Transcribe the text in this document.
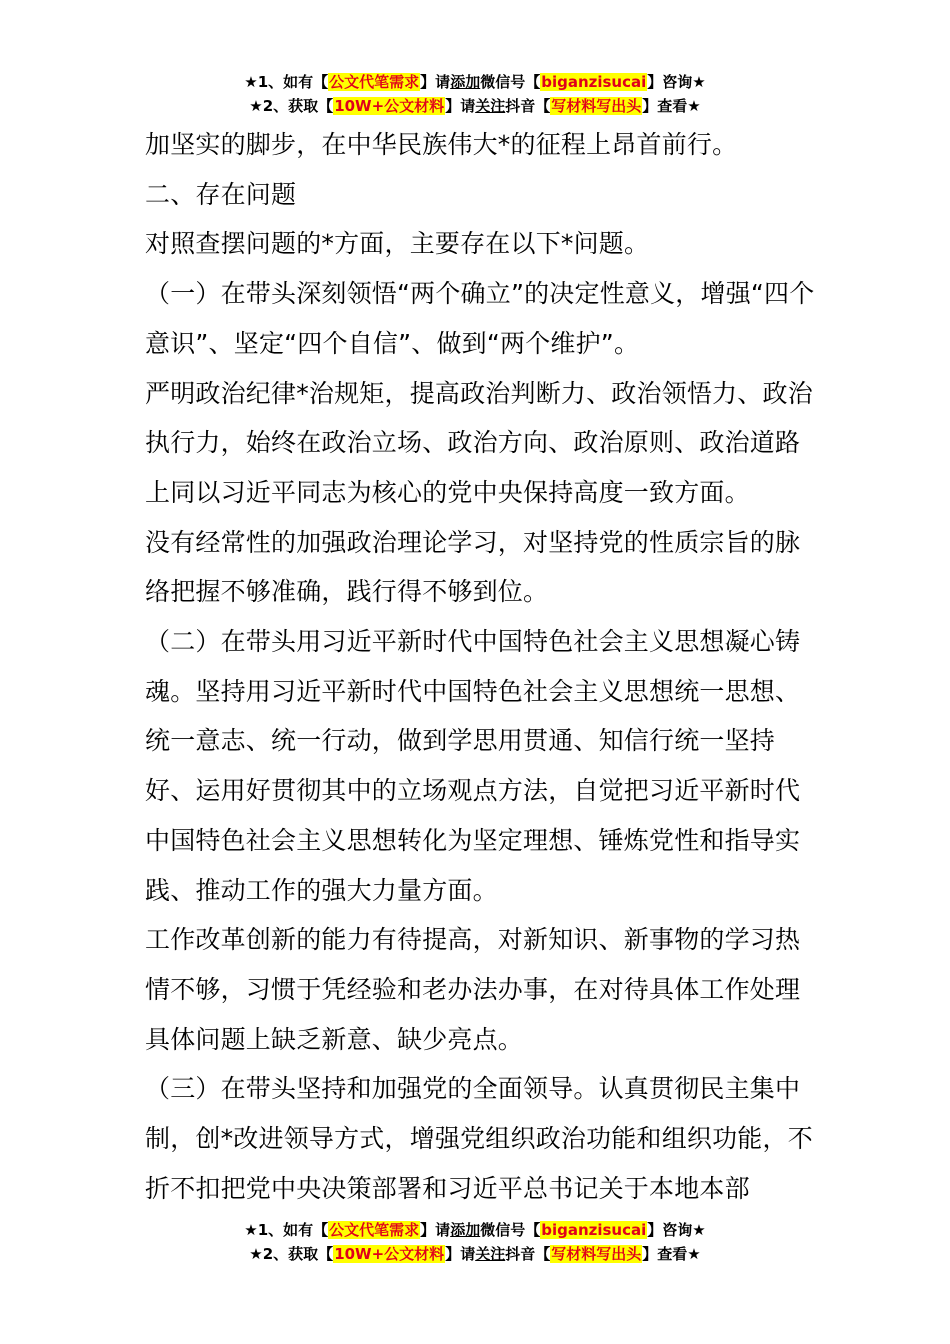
★1、如有【公文代笔需求】请添加微信号【biganzisucai】咨询★
★2、获取【10W+公文材料】请关注抖音【写材料写出头】查看★

加坚实的脚步，在中华民族伟大*的征程上昂首前行。

二、存在问题

对照查摆问题的*方面，主要存在以下*问题。

（一）在带头深刻领悟“两个确立”的决定性意义，增强“四个意识”、坚定“四个自信”、做到“两个维护”。

严明政治纪律*治规矩，提高政治判断力、政治领悟力、政治执行力，始终在政治立场、政治方向、政治原则、政治道路上同以习近平同志为核心的党中央保持高度一致方面。

没有经常性的加强政治理论学习，对坚持党的性质宗旨的脉络把握不够准确，践行得不够到位。

（二）在带头用习近平新时代中国特色社会主义思想凝心铸魂。坚持用习近平新时代中国特色社会主义思想统一思想、统一意志、统一行动，做到学思用贯通、知信行统一坚持好、运用好贯彻其中的立场观点方法，自觉把习近平新时代中国特色社会主义思想转化为坚定理想、锤炼党性和指导实践、推动工作的强大力量方面。

工作改革创新的能力有待提高，对新知识、新事物的学习热情不够，习惯于凭经验和老办法办事，在对待具体工作处理具体问题上缺乏新意、缺少亮点。

（三）在带头坚持和加强党的全面领导。认真贯彻民主集中制，创*改进领导方式，增强党组织政治功能和组织功能，不折不扣把党中央决策部署和习近平总书记关于本地本部

★1、如有【公文代笔需求】请添加微信号【biganzisucai】咨询★
★2、获取【10W+公文材料】请关注抖音【写材料写出头】查看★
